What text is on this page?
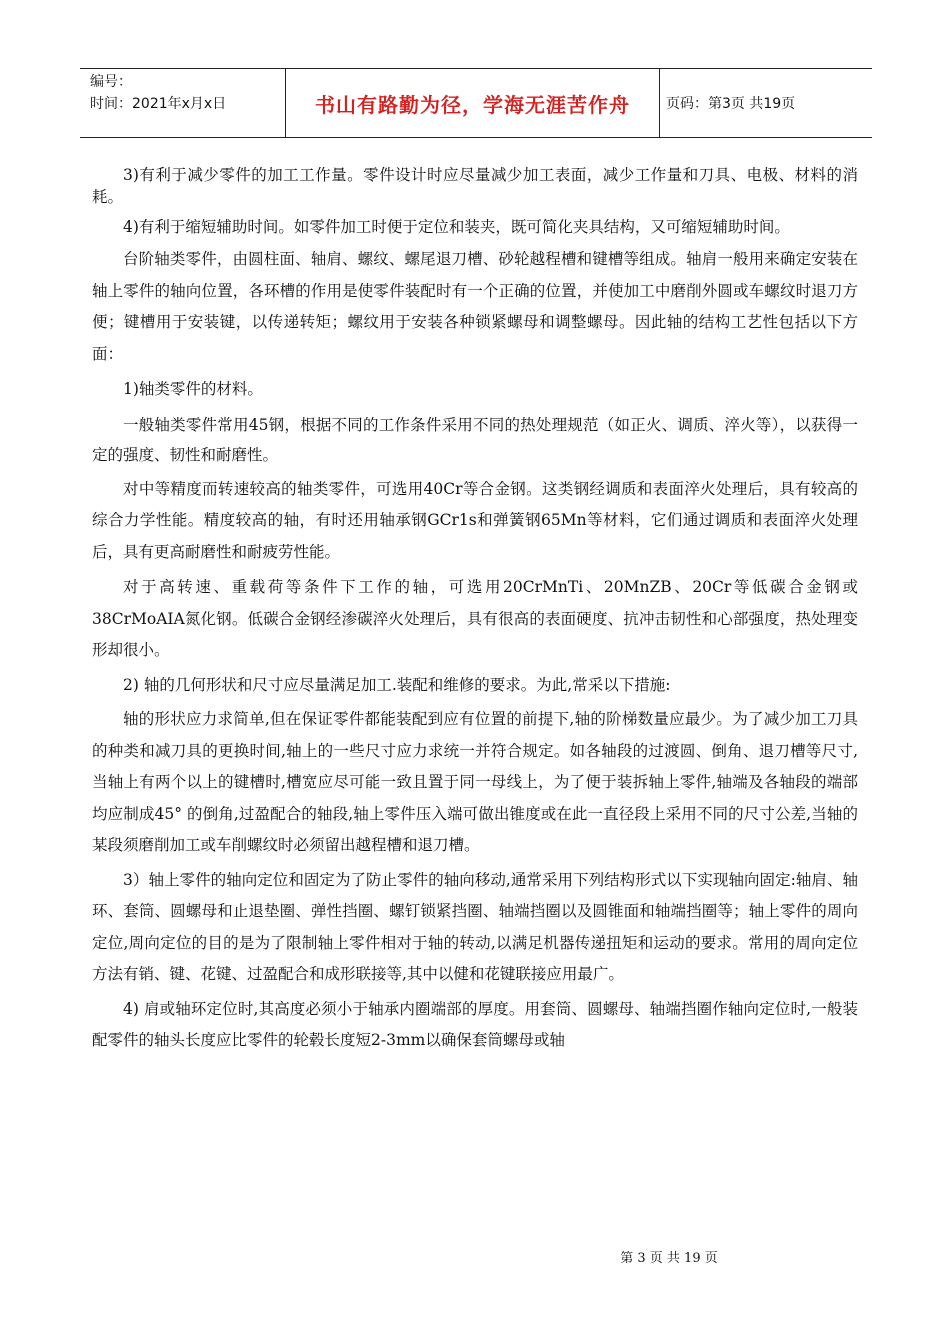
编号：
时间：2021年x月x日	书山有路勤为径，学海无涯苦作舟	页码：第3页 共19页

3)有利于减少零件的加工工作量。零件设计时应尽量减少加工表面，减少工作量和刀具、电极、材料的消耗。

4)有利于缩短辅助时间。如零件加工时便于定位和装夹，既可简化夹具结构，又可缩短辅助时间。

台阶轴类零件，由圆柱面、轴肩、螺纹、螺尾退刀槽、砂轮越程槽和键槽等组成。轴肩一般用来确定安装在轴上零件的轴向位置，各环槽的作用是使零件装配时有一个正确的位置，并使加工中磨削外圆或车螺纹时退刀方便；键槽用于安装键，以传递转矩；螺纹用于安装各种锁紧螺母和调整螺母。因此轴的结构工艺性包括以下方面：

1)轴类零件的材料。

一般轴类零件常用45钢，根据不同的工作条件采用不同的热处理规范（如正火、调质、淬火等），以获得一定的强度、韧性和耐磨性。

对中等精度而转速较高的轴类零件，可选用40Cr等合金钢。这类钢经调质和表面淬火处理后，具有较高的综合力学性能。精度较高的轴，有时还用轴承钢GCr1s和弹簧钢65Mn等材料，它们通过调质和表面淬火处理后，具有更高耐磨性和耐疲劳性能。

对于高转速、重载荷等条件下工作的轴，可选用20CrMnTi、20MnZB、20Cr等低碳合金钢或38CrMoAIA氮化钢。低碳合金钢经渗碳淬火处理后，具有很高的表面硬度、抗冲击韧性和心部强度，热处理变形却很小。

2) 轴的几何形状和尺寸应尽量满足加工.装配和维修的要求。为此,常采以下措施:

轴的形状应力求简单,但在保证零件都能装配到应有位置的前提下,轴的阶梯数量应最少。为了减少加工刀具的种类和减刀具的更换时间,轴上的一些尺寸应力求统一并符合规定。如各轴段的过渡圆、倒角、退刀槽等尺寸,当轴上有两个以上的键槽时,槽宽应尽可能一致且置于同一母线上，为了便于装拆轴上零件,轴端及各轴段的端部均应制成45° 的倒角,过盈配合的轴段,轴上零件压入端可做出锥度或在此一直径段上采用不同的尺寸公差,当轴的某段须磨削加工或车削螺纹时必须留出越程槽和退刀槽。

3）轴上零件的轴向定位和固定为了防止零件的轴向移动,通常采用下列结构形式以下实现轴向固定:轴肩、轴环、套筒、圆螺母和止退垫圈、弹性挡圈、螺钉锁紧挡圈、轴端挡圈以及圆锥面和轴端挡圈等；轴上零件的周向定位,周向定位的目的是为了限制轴上零件相对于轴的转动,以满足机器传递扭矩和运动的要求。常用的周向定位方法有销、键、花键、过盈配合和成形联接等,其中以健和花键联接应用最广。

4) 肩或轴环定位时,其高度必须小于轴承内圈端部的厚度。用套筒、圆螺母、轴端挡圈作轴向定位时,一般装配零件的轴头长度应比零件的轮毂长度短2-3mm以确保套筒螺母或轴

第 3 页 共 19 页
